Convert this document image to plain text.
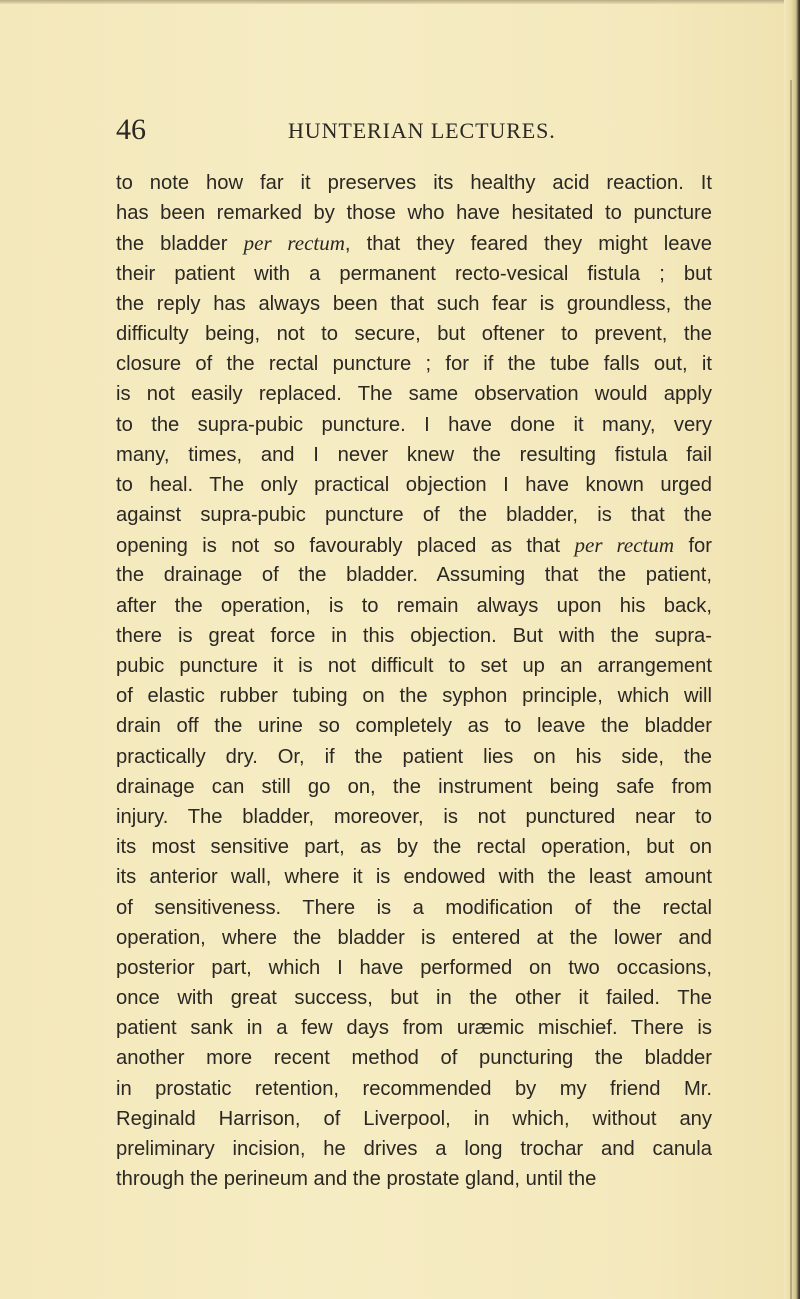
46	HUNTERIAN LECTURES.
to note how far it preserves its healthy acid reaction. It
has been remarked by those who have hesitated to puncture
the bladder per rectum, that they feared they might leave
their patient with a permanent recto-vesical fistula ; but
the reply has always been that such fear is groundless, the
difficulty being, not to secure, but oftener to prevent, the
closure of the rectal puncture ; for if the tube falls out, it
is not easily replaced. The same observation would apply
to the supra-pubic puncture. I have done it many, very
many, times, and I never knew the resulting fistula fail
to heal. The only practical objection I have known urged
against supra-pubic puncture of the bladder, is that the
opening is not so favourably placed as that per rectum for
the drainage of the bladder. Assuming that the patient,
after the operation, is to remain always upon his back,
there is great force in this objection. But with the supra-
pubic puncture it is not difficult to set up an arrangement
of elastic rubber tubing on the syphon principle, which will
drain off the urine so completely as to leave the bladder
practically dry. Or, if the patient lies on his side, the
drainage can still go on, the instrument being safe from
injury. The bladder, moreover, is not punctured near to
its most sensitive part, as by the rectal operation, but on
its anterior wall, where it is endowed with the least amount
of sensitiveness. There is a modification of the rectal
operation, where the bladder is entered at the lower and
posterior part, which I have performed on two occasions,
once with great success, but in the other it failed. The
patient sank in a few days from uræmic mischief. There is
another more recent method of puncturing the bladder
in prostatic retention, recommended by my friend Mr.
Reginald Harrison, of Liverpool, in which, without any
preliminary incision, he drives a long trochar and canula
through the perineum and the prostate gland, until the
